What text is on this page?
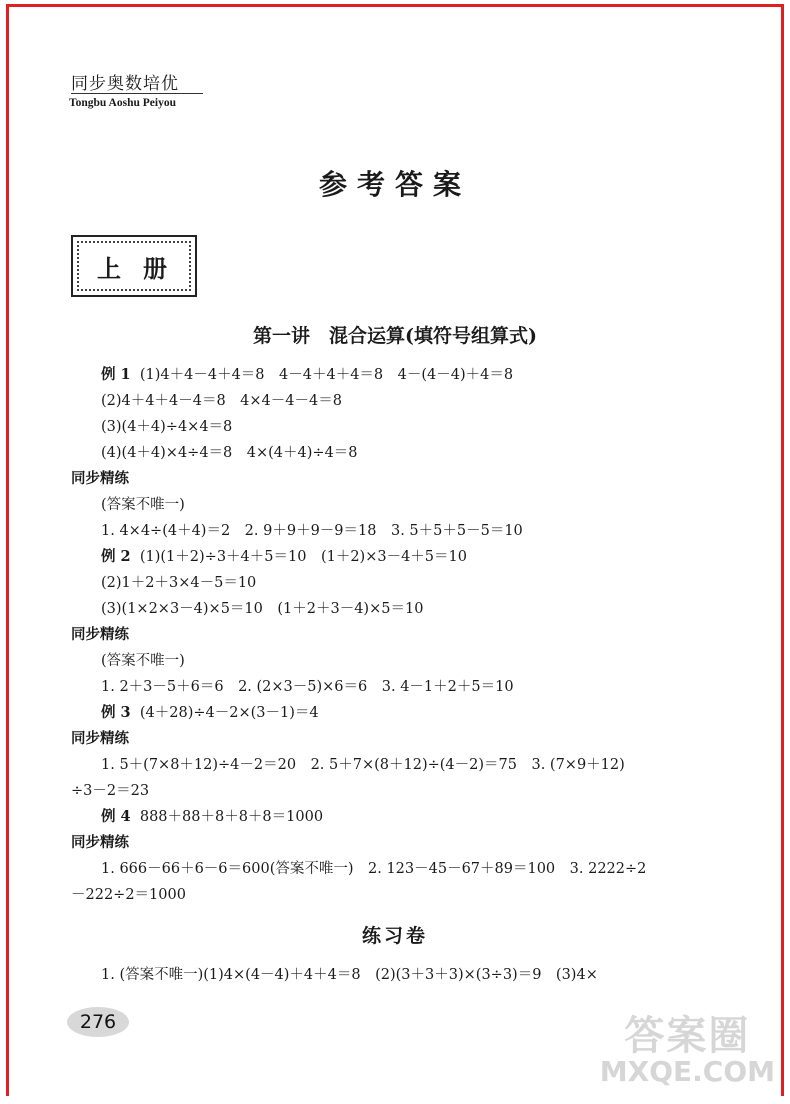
同步奥数培优
Tongbu Aoshu Peiyou
参考答案
上册
第一讲　混合运算(填符号组算式)
例 1 (1)4＋4－4＋4＝8　4－4＋4＋4＝8　4－(4－4)＋4＝8
(2)4＋4＋4－4＝8　4×4－4－4＝8
(3)(4＋4)÷4×4＝8
(4)(4＋4)×4÷4＝8　4×(4＋4)÷4＝8
同步精练
(答案不唯一)
1. 4×4÷(4＋4)＝2　2. 9＋9＋9－9＝18　3. 5＋5＋5－5＝10
例 2 (1)(1＋2)÷3＋4＋5＝10　(1＋2)×3－4＋5＝10
(2)1＋2＋3×4－5＝10
(3)(1×2×3－4)×5＝10　(1＋2＋3－4)×5＝10
同步精练
(答案不唯一)
1. 2＋3－5＋6＝6　2. (2×3－5)×6＝6　3. 4－1＋2＋5＝10
例 3 (4＋28)÷4－2×(3－1)＝4
同步精练
1. 5＋(7×8＋12)÷4－2＝20　2. 5＋7×(8＋12)÷(4－2)＝75　3. (7×9＋12)
÷3－2＝23
例 4 888＋88＋8＋8＋8＝1000
同步精练
1. 666－66＋6－6＝600(答案不唯一)　2. 123－45－67＋89＝100　3. 2222÷2
－222÷2＝1000
练习卷
1. (答案不唯一)(1)4×(4－4)＋4＋4＝8　(2)(3＋3＋3)×(3÷3)＝9　(3)4×
276	答案圈
MXQE.COM
